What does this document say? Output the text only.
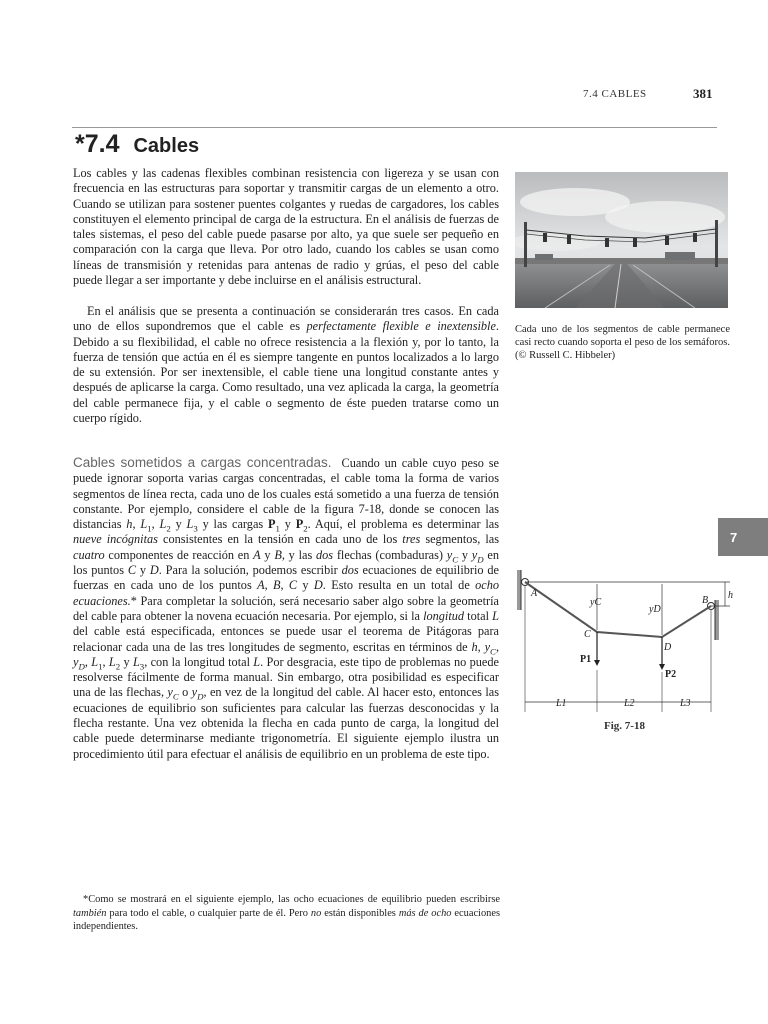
7.4 CABLES	381
*7.4 Cables

Los cables y las cadenas flexibles combinan resistencia con ligereza y se usan con frecuencia en las estructuras para soportar y transmitir cargas de un elemento a otro. Cuando se utilizan para sostener puentes colgantes y ruedas de cargadores, los cables constituyen el elemento principal de carga de la estructura. En el análisis de fuerzas de tales sistemas, el peso del cable puede pasarse por alto, ya que suele ser pequeño en comparación con la carga que lleva. Por otro lado, cuando los cables se usan como líneas de transmisión y retenidas para antenas de radio y grúas, el peso del cable puede llegar a ser importante y debe incluirse en el análisis estructural.

En el análisis que se presenta a continuación se considerarán tres casos. En cada uno de ellos supondremos que el cable es perfectamente flexible e inextensible. Debido a su flexibilidad, el cable no ofrece resistencia a la flexión y, por lo tanto, la fuerza de tensión que actúa en él es siempre tangente en puntos localizados a lo largo de su extensión. Por ser inextensible, el cable tiene una longitud constante antes y después de aplicarse la carga. Como resultado, una vez aplicada la carga, la geometría del cable permanece fija, y el cable o segmento de éste pueden tratarse como un cuerpo rígido.

Cables sometidos a cargas concentradas. Cuando un cable cuyo peso se puede ignorar soporta varias cargas concentradas, el cable toma la forma de varios segmentos de línea recta, cada uno de los cuales está sometido a una fuerza de tensión constante. Por ejemplo, considere el cable de la figura 7-18, donde se conocen las distancias h, $L_1$, $L_2$ y $L_3$ y las cargas $P_1$ y $P_2$. Aquí, el problema es determinar las nueve incógnitas consistentes en la tensión en cada uno de los tres segmentos, las cuatro componentes de reacción en A y B, y las dos flechas (combaduras) $y_C$ y $y_D$ en los puntos C y D. Para la solución, podemos escribir dos ecuaciones de equilibrio de fuerzas en cada uno de los puntos A, B, C y D. Esto resulta en un total de ocho ecuaciones.* Para completar la solución, será necesario saber algo sobre la geometría del cable para obtener la novena ecuación necesaria. Por ejemplo, si la longitud total L del cable está especificada, entonces se puede usar el teorema de Pitágoras para relacionar cada una de las tres longitudes de segmento, escritas en términos de h, $y_C$, $y_D$, $L_1$, $L_2$ y $L_3$, con la longitud total L. Por desgracia, este tipo de problemas no puede resolverse fácilmente de forma manual. Sin embargo, otra posibilidad es especificar una de las flechas, $y_C$ o $y_D$, en vez de la longitud del cable. Al hacer esto, entonces las ecuaciones de equilibrio son suficientes para calcular las fuerzas desconocidas y la flecha restante. Una vez obtenida la flecha en cada punto de carga, la longitud del cable puede determinarse mediante trigonometría. El siguiente ejemplo ilustra un procedimiento útil para efectuar el análisis de equilibrio en un problema de este tipo.

Cada uno de los segmentos de cable permanece casi recto cuando soporta el peso de los semáforos. (© Russell C. Hibbeler)
7
A
B
C
D
yC
yD
h
P1
P2
L1	L2	L3
Fig. 7-18

*Como se mostrará en el siguiente ejemplo, las ocho ecuaciones de equilibrio pueden escribirse también para todo el cable, o cualquier parte de él. Pero no están disponibles más de ocho ecuaciones independientes.
